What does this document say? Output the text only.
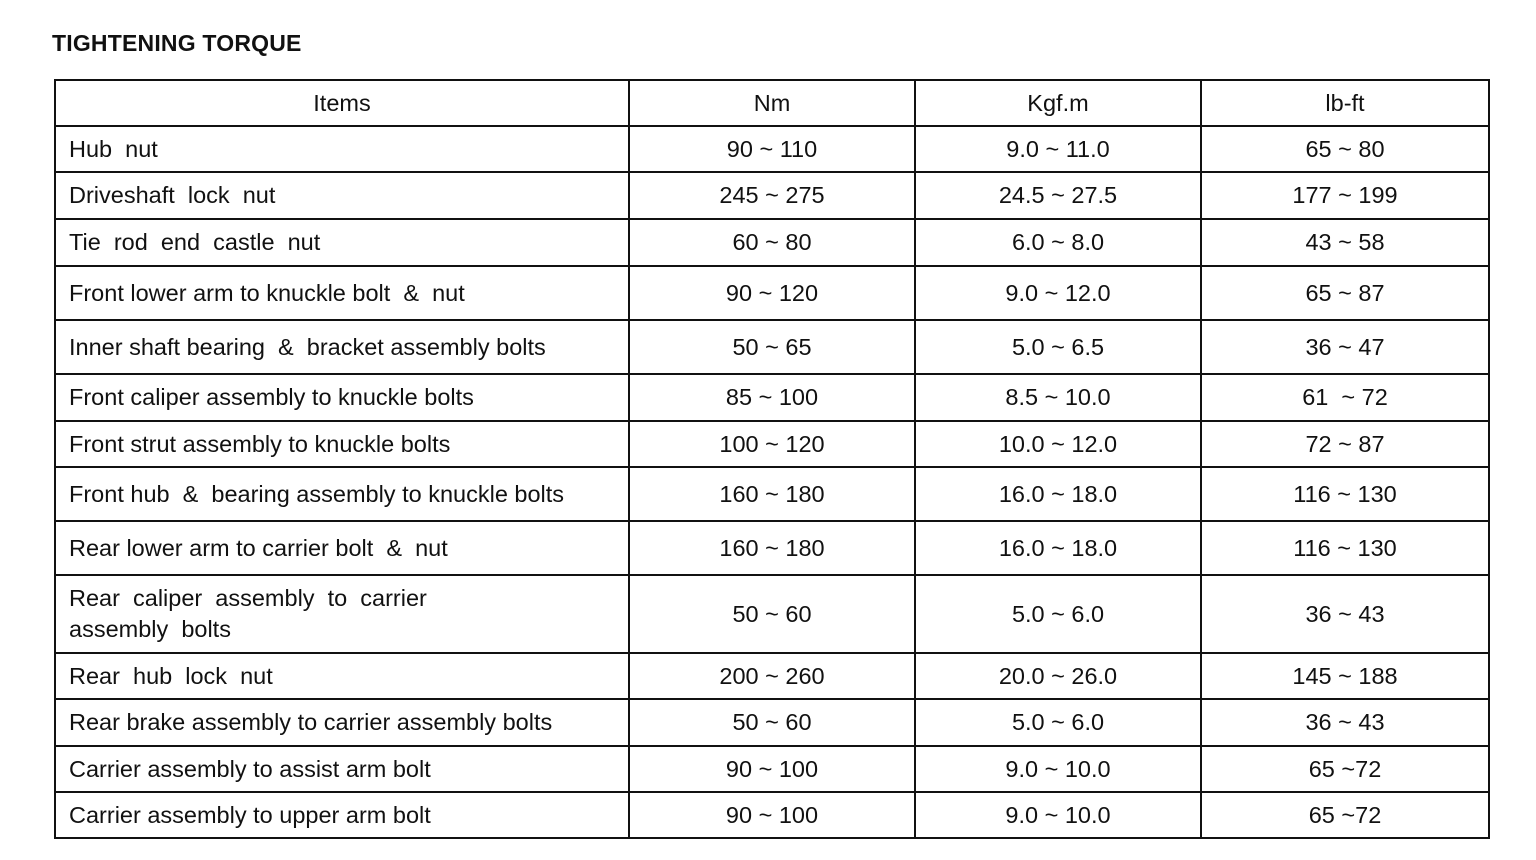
TIGHTENING TORQUE
Items	Nm	Kgf.m	lb-ft
Hub  nut	90 ~ 110	9.0 ~ 11.0	65 ~ 80
Driveshaft  lock  nut	245 ~ 275	24.5 ~ 27.5	177 ~ 199
Tie  rod  end  castle  nut	60 ~ 80	6.0 ~ 8.0	43 ~ 58
Front lower arm to knuckle bolt  &  nut	90 ~ 120	9.0 ~ 12.0	65 ~ 87
Inner shaft bearing  &  bracket assembly bolts	50 ~ 65	5.0 ~ 6.5	36 ~ 47
Front caliper assembly to knuckle bolts	85 ~ 100	8.5 ~ 10.0	61  ~ 72
Front strut assembly to knuckle bolts	100 ~ 120	10.0 ~ 12.0	72 ~ 87
Front hub  &  bearing assembly to knuckle bolts	160 ~ 180	16.0 ~ 18.0	116 ~ 130
Rear lower arm to carrier bolt  &  nut	160 ~ 180	16.0 ~ 18.0	116 ~ 130
Rear  caliper  assembly  to  carrier
assembly  bolts	50 ~ 60	5.0 ~ 6.0	36 ~ 43
Rear  hub  lock  nut	200 ~ 260	20.0 ~ 26.0	145 ~ 188
Rear brake assembly to carrier assembly bolts	50 ~ 60	5.0 ~ 6.0	36 ~ 43
Carrier assembly to assist arm bolt	90 ~ 100	9.0 ~ 10.0	65 ~72
Carrier assembly to upper arm bolt	90 ~ 100	9.0 ~ 10.0	65 ~72
